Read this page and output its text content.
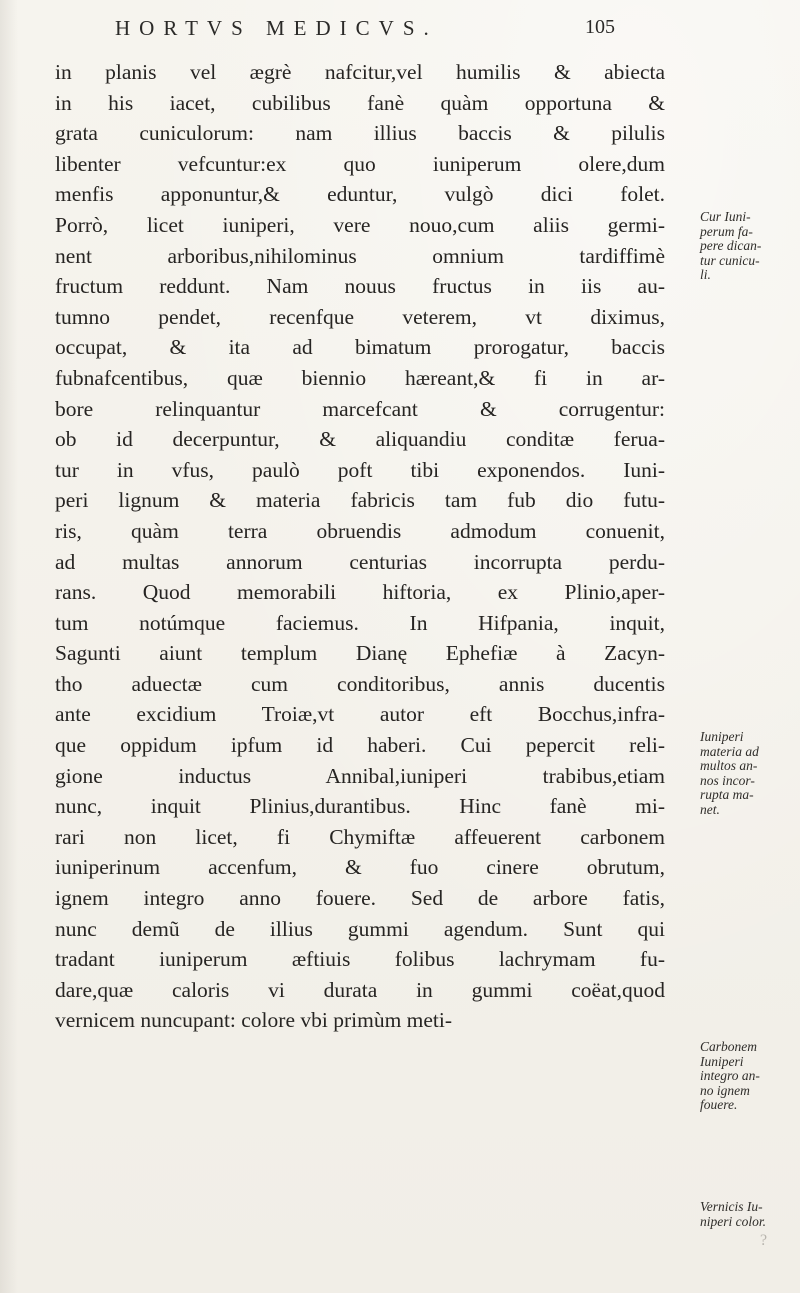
HORTVS MEDICVS.	105
in planis vel ægrè nafcitur,vel humilis & abiecta
in his iacet, cubilibus fanè quàm opportuna &
grata cuniculorum: nam illius baccis & pilulis
libenter vefcuntur:ex quo iuniperum olere,dum
menfis apponuntur,& eduntur, vulgò dici folet.
Porrò, licet iuniperi, vere nouo,cum aliis germi-
nent arboribus,nihilominus omnium tardiffimè
fructum reddunt. Nam nouus fructus in iis au-
tumno pendet, recenfque veterem, vt diximus,
occupat, & ita ad bimatum prorogatur, baccis
fubnafcentibus, quæ biennio hæreant,& fi in ar-
bore relinquantur marcefcant & corrugentur:
ob id decerpuntur, & aliquandiu conditæ ferua-
tur in vfus, paulò poft tibi exponendos. Iuni-
peri lignum & materia fabricis tam fub dio futu-
ris, quàm terra obruendis admodum conuenit,
ad multas annorum centurias incorrupta perdu-
rans. Quod memorabili hiftoria, ex Plinio,aper-
tum notúmque faciemus. In Hifpania, inquit,
Sagunti aiunt templum Dianę Ephefiæ à Zacyn-
tho aduectæ cum conditoribus, annis ducentis
ante excidium Troiæ,vt autor eft Bocchus,infra-
que oppidum ipfum id haberi. Cui pepercit reli-
gione inductus Annibal,iuniperi trabibus,etiam
nunc, inquit Plinius,durantibus. Hinc fanè mi-
rari non licet, fi Chymiftæ affeuerent carbonem
iuniperinum accenfum, & fuo cinere obrutum,
ignem integro anno fouere. Sed de arbore fatis,
nunc demũ de illius gummi agendum. Sunt qui
tradant iuniperum æftiuis folibus lachrymam fu-
dare,quæ caloris vi durata in gummi coëat,quod
vernicem nuncupant: colore vbi primùm meti-
Cur Iuni-
perum fa-
pere dican-
tur cunicu-
li.
Iuniperi
materia ad
multos an-
nos incor-
rupta ma-
net.
Carbonem
Iuniperi
integro an-
no ignem
fouere.
Vernicis Iu-
niperi color.
?
